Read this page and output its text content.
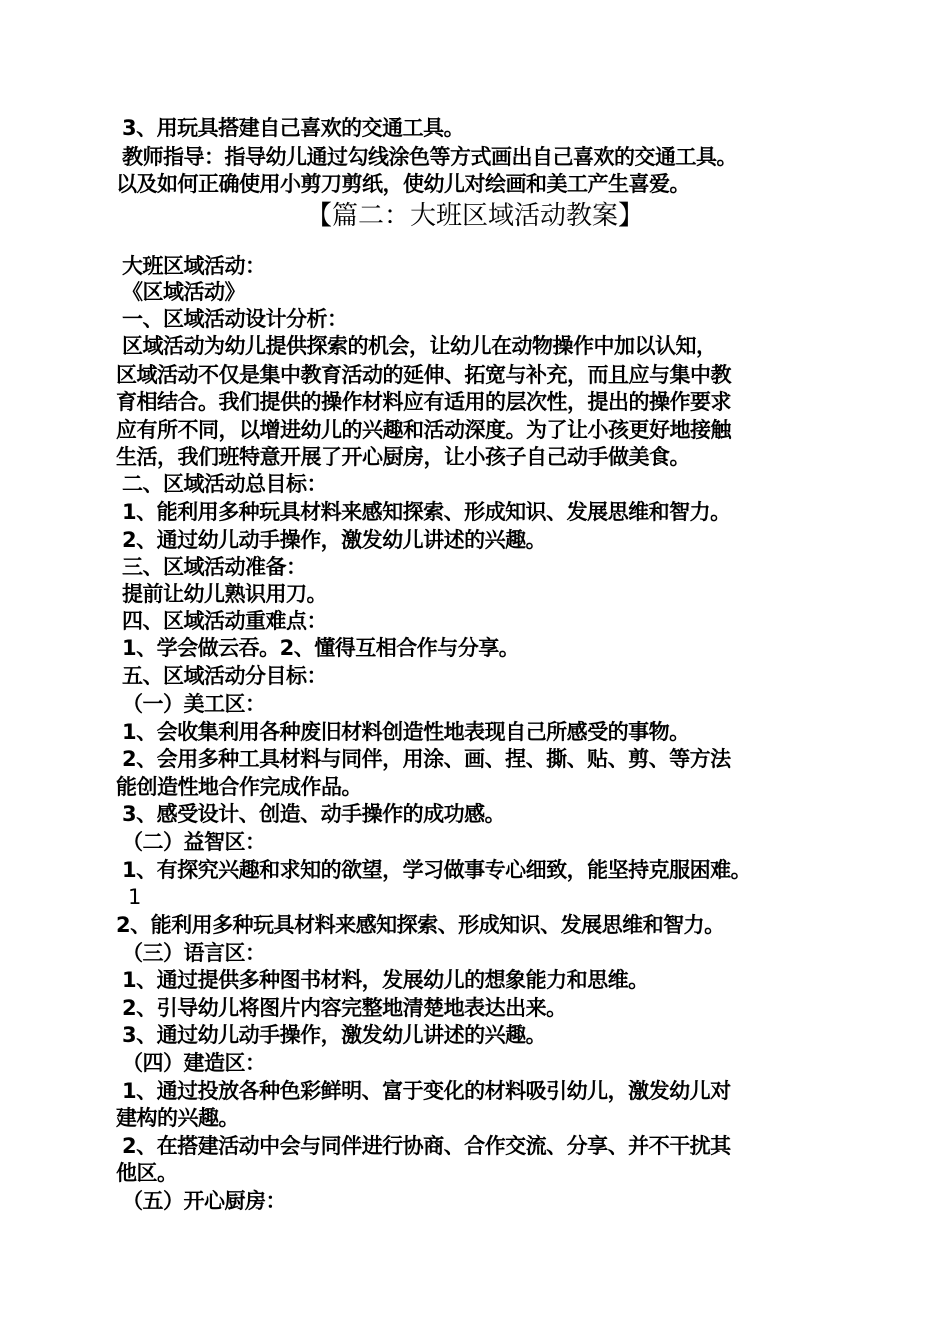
3、用玩具搭建自己喜欢的交通工具。
教师指导：指导幼儿通过勾线涂色等方式画出自己喜欢的交通工具。
以及如何正确使用小剪刀剪纸，使幼儿对绘画和美工产生喜爱。
【篇二：大班区域活动教案】
大班区域活动：
《区域活动》
一、区域活动设计分析：
区域活动为幼儿提供探索的机会，让幼儿在动物操作中加以认知，
区域活动不仅是集中教育活动的延伸、拓宽与补充，而且应与集中教
育相结合。我们提供的操作材料应有适用的层次性，提出的操作要求
应有所不同，以增进幼儿的兴趣和活动深度。为了让小孩更好地接触
生活，我们班特意开展了开心厨房，让小孩子自己动手做美食。
二、区域活动总目标：
1、能利用多种玩具材料来感知探索、形成知识、发展思维和智力。
2、通过幼儿动手操作，激发幼儿讲述的兴趣。
三、区域活动准备：
提前让幼儿熟识用刀。
四、区域活动重难点：
1、学会做云吞。2、懂得互相合作与分享。
五、区域活动分目标：
（一）美工区：
1、会收集利用各种废旧材料创造性地表现自己所感受的事物。
2、会用多种工具材料与同伴，用涂、画、捏、撕、贴、剪、等方法
能创造性地合作完成作品。
3、感受设计、创造、动手操作的成功感。
（二）益智区：
1、有探究兴趣和求知的欲望，学习做事专心细致，能坚持克服困难。
1
2、能利用多种玩具材料来感知探索、形成知识、发展思维和智力。
（三）语言区：
1、通过提供多种图书材料，发展幼儿的想象能力和思维。
2、引导幼儿将图片内容完整地清楚地表达出来。
3、通过幼儿动手操作，激发幼儿讲述的兴趣。
（四）建造区：
1、通过投放各种色彩鲜明、富于变化的材料吸引幼儿，激发幼儿对
建构的兴趣。
2、在搭建活动中会与同伴进行协商、合作交流、分享、并不干扰其
他区。
（五）开心厨房：
